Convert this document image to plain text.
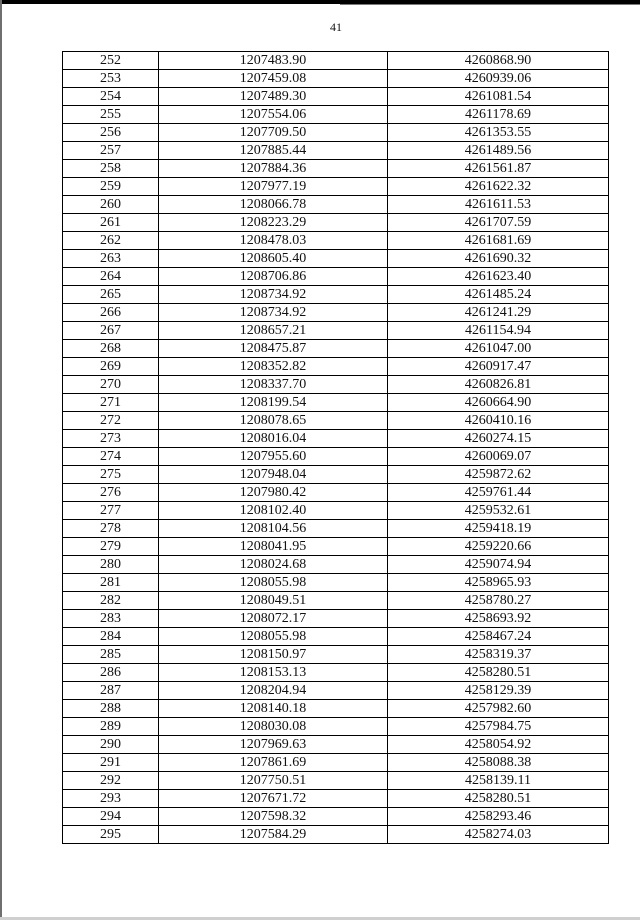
41
252	1207483.90	4260868.90
253	1207459.08	4260939.06
254	1207489.30	4261081.54
255	1207554.06	4261178.69
256	1207709.50	4261353.55
257	1207885.44	4261489.56
258	1207884.36	4261561.87
259	1207977.19	4261622.32
260	1208066.78	4261611.53
261	1208223.29	4261707.59
262	1208478.03	4261681.69
263	1208605.40	4261690.32
264	1208706.86	4261623.40
265	1208734.92	4261485.24
266	1208734.92	4261241.29
267	1208657.21	4261154.94
268	1208475.87	4261047.00
269	1208352.82	4260917.47
270	1208337.70	4260826.81
271	1208199.54	4260664.90
272	1208078.65	4260410.16
273	1208016.04	4260274.15
274	1207955.60	4260069.07
275	1207948.04	4259872.62
276	1207980.42	4259761.44
277	1208102.40	4259532.61
278	1208104.56	4259418.19
279	1208041.95	4259220.66
280	1208024.68	4259074.94
281	1208055.98	4258965.93
282	1208049.51	4258780.27
283	1208072.17	4258693.92
284	1208055.98	4258467.24
285	1208150.97	4258319.37
286	1208153.13	4258280.51
287	1208204.94	4258129.39
288	1208140.18	4257982.60
289	1208030.08	4257984.75
290	1207969.63	4258054.92
291	1207861.69	4258088.38
292	1207750.51	4258139.11
293	1207671.72	4258280.51
294	1207598.32	4258293.46
295	1207584.29	4258274.03
